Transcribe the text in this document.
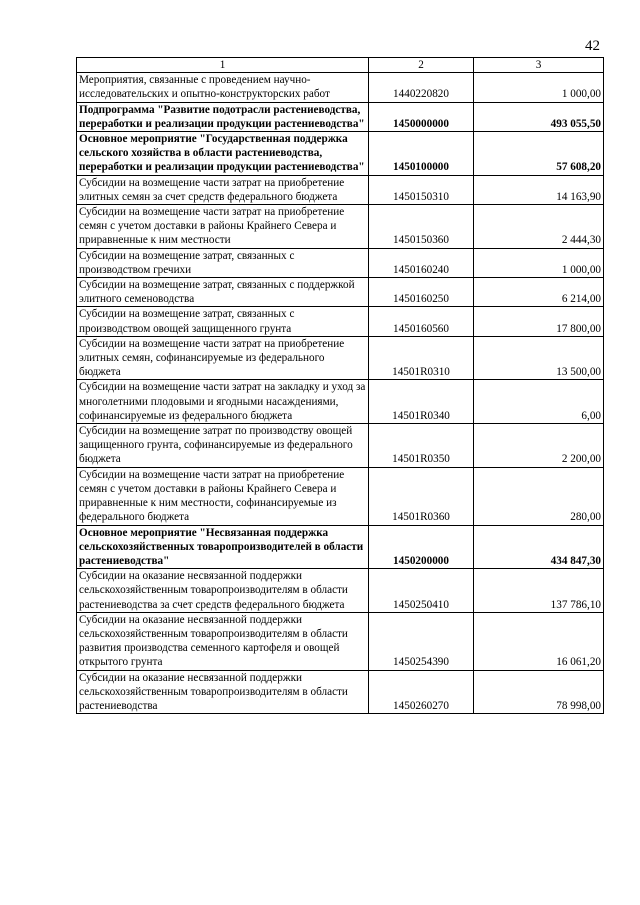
42
1	2	3
Мероприятия, связанные с проведением научно-исследовательских и опытно-конструкторских работ	1440220820	1 000,00
Подпрограмма "Развитие подотрасли растениеводства, переработки и реализации продукции растениеводства"	1450000000	493 055,50
Основное мероприятие "Государственная поддержка сельского хозяйства в области растениеводства, переработки и реализации продукции растениеводства"	1450100000	57 608,20
Субсидии на возмещение части затрат на приобретение элитных семян за счет средств федерального бюджета	1450150310	14 163,90
Субсидии на возмещение части затрат на приобретение семян с учетом доставки в районы Крайнего Севера и приравненные к ним местности	1450150360	2 444,30
Субсидии на возмещение затрат, связанных с производством гречихи	1450160240	1 000,00
Субсидии на возмещение затрат, связанных с поддержкой элитного семеноводства	1450160250	6 214,00
Субсидии на возмещение затрат, связанных с производством овощей защищенного грунта	1450160560	17 800,00
Субсидии на возмещение части затрат на приобретение элитных семян, софинансируемые из федерального бюджета	14501R0310	13 500,00
Субсидии на возмещение части затрат на закладку и уход за многолетними плодовыми и ягодными насаждениями, софинансируемые из федерального бюджета	14501R0340	6,00
Субсидии на возмещение затрат по производству овощей защищенного грунта, софинансируемые из федерального бюджета	14501R0350	2 200,00
Субсидии на возмещение части затрат на приобретение семян с учетом доставки в районы Крайнего Севера и приравненные к ним местности, софинансируемые из федерального бюджета	14501R0360	280,00
Основное мероприятие "Несвязанная поддержка сельскохозяйственных товаропроизводителей в области растениеводства"	1450200000	434 847,30
Субсидии на оказание несвязанной поддержки сельскохозяйственным товаропроизводителям в области растениеводства за счет средств федерального бюджета	1450250410	137 786,10
Субсидии на оказание несвязанной поддержки сельскохозяйственным товаропроизводителям в области развития производства семенного картофеля и овощей открытого грунта	1450254390	16 061,20
Субсидии на оказание несвязанной поддержки сельскохозяйственным товаропроизводителям в области растениеводства	1450260270	78 998,00
